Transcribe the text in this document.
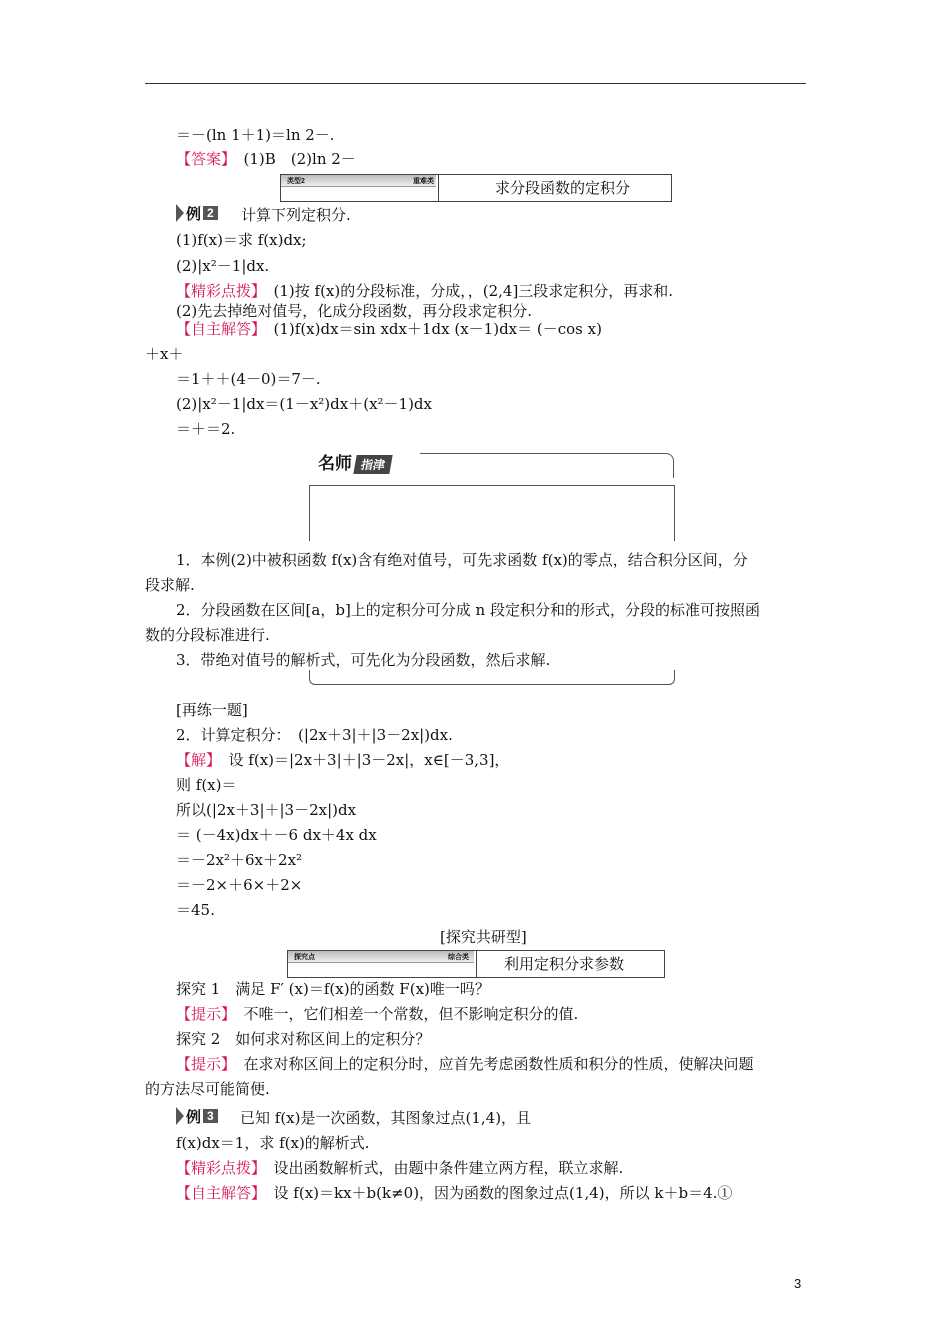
＝－(ln 1＋1)＝ln 2－.
【答案】　(1)B　(2)ln 2－
类型2	重难类	求分段函数的定积分
例 2 计算下列定积分.
(1)f(x)＝求 f(x)dx;
(2)|x²－1|dx.
【精彩点拨】　(1)按 f(x)的分段标准，分成，，(2,4]三段求定积分，再求和.
(2)先去掉绝对值号，化成分段函数，再分段求定积分.
【自主解答】　(1)f(x)dx＝sin xdx＋1dx (x－1)dx＝ (－cos x)
＋x＋
＝1＋＋(4－0)＝7－.
(2)|x²－1|dx＝(1－x²)dx＋(x²－1)dx
＝＋＝2.
名师 指津
1．本例(2)中被积函数 f(x)含有绝对值号，可先求函数 f(x)的零点，结合积分区间，分
段求解.
2．分段函数在区间[a，b]上的定积分可分成 n 段定积分和的形式，分段的标准可按照函
数的分段标准进行.
3．带绝对值号的解析式，可先化为分段函数，然后求解.
[再练一题]
2．计算定积分：　(|2x＋3|＋|3－2x|)dx.
【解】　设 f(x)＝|2x＋3|＋|3－2x|，x∈[－3,3]，
则 f(x)＝
所以(|2x＋3|＋|3－2x|)dx
＝ (－4x)dx＋－6 dx＋4x dx
＝－2x²＋6x＋2x²
＝－2×＋6×＋2×
＝45.
[探究共研型]
探究点	综合类 利用定积分求参数
探究 1　满足 F′ (x)＝f(x)的函数 F(x)唯一吗？
【提示】　不唯一，它们相差一个常数，但不影响定积分的值.
探究 2　如何求对称区间上的定积分？
【提示】　在求对称区间上的定积分时，应首先考虑函数性质和积分的性质，使解决问题
的方法尽可能简便.
例 3 已知 f(x)是一次函数，其图象过点(1,4)，且
f(x)dx＝1，求 f(x)的解析式.
【精彩点拨】　设出函数解析式，由题中条件建立两方程，联立求解.
【自主解答】　设 f(x)＝kx＋b(k≠0)，因为函数的图象过点(1,4)，所以 k＋b＝4.①
3
